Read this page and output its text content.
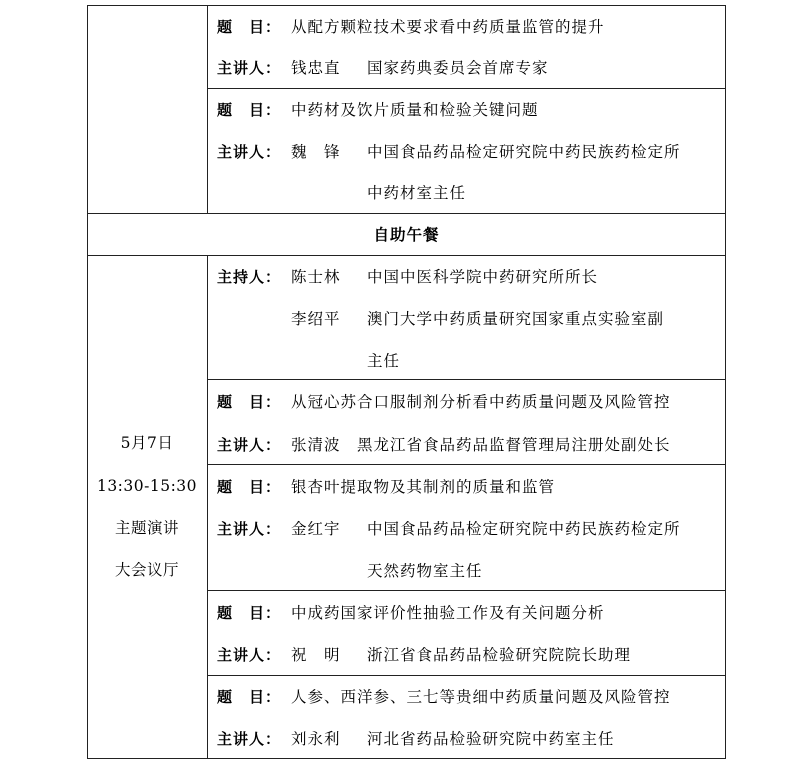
题　目： 从配方颗粒技术要求看中药质量监管的提升
主讲人： 钱忠直 国家药典委员会首席专家
题　目： 中药材及饮片质量和检验关键问题
主讲人： 魏　锋 中国食品药品检定研究院中药民族药检定所
中药材室主任
自助午餐
5月7日
13:30-15:30
主题演讲
大会议厅
主持人： 陈士林 中国中医科学院中药研究所所长
李绍平 澳门大学中药质量研究国家重点实验室副
主任
题　目： 从冠心苏合口服制剂分析看中药质量问题及风险管控
主讲人： 张清波　黑龙江省食品药品监督管理局注册处副处长
题　目： 银杏叶提取物及其制剂的质量和监管
主讲人： 金红宇 中国食品药品检定研究院中药民族药检定所
天然药物室主任
题　目： 中成药国家评价性抽验工作及有关问题分析
主讲人： 祝　明 浙江省食品药品检验研究院院长助理
题　目： 人参、西洋参、三七等贵细中药质量问题及风险管控
主讲人： 刘永利 河北省药品检验研究院中药室主任
